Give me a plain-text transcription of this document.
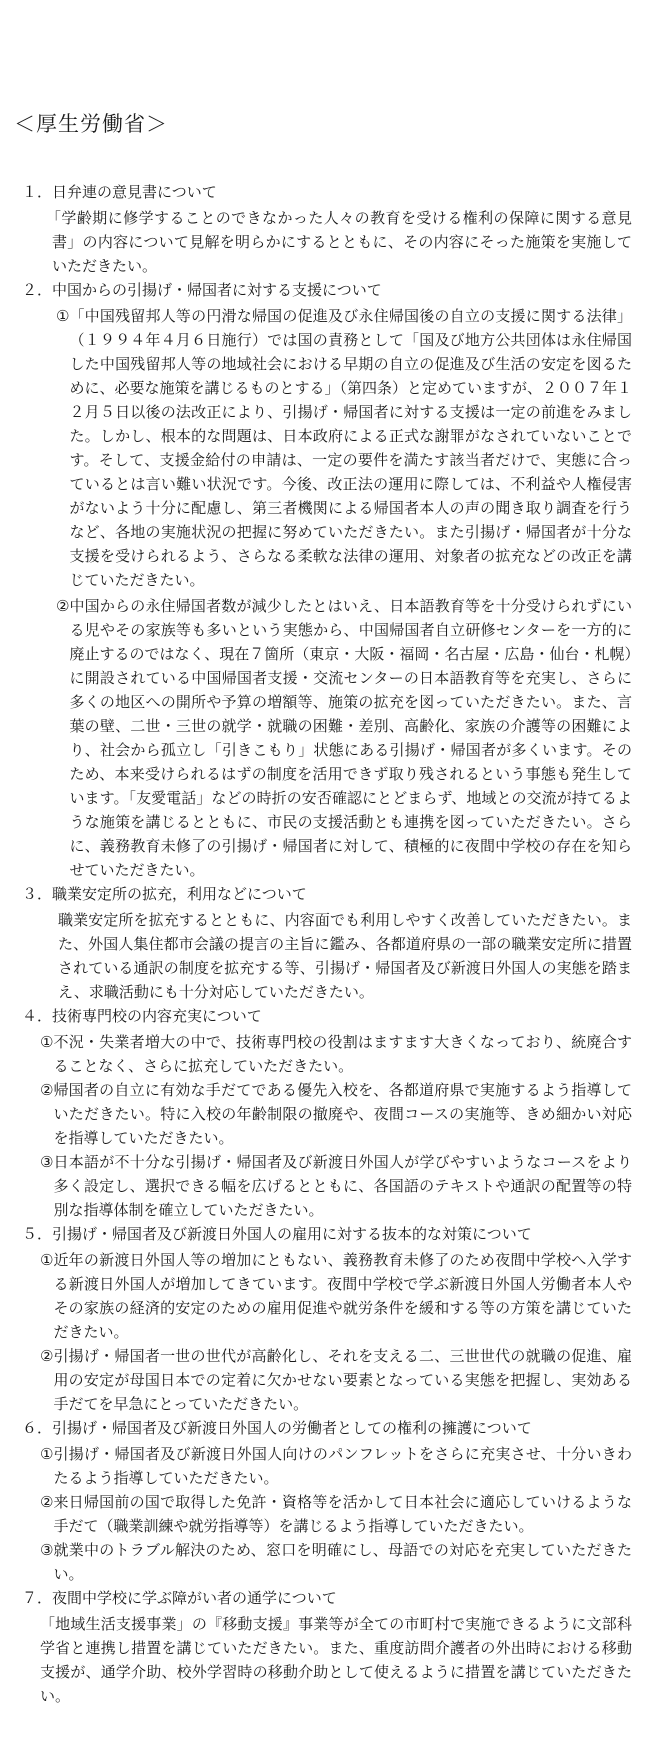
＜厚生労働省＞
１．日弁連の意見書について
「学齢期に修学することのできなかった人々の教育を受ける権利の保障に関する意見書」の内容について見解を明らかにするとともに、その内容にそった施策を実施していただきたい。
２．中国からの引揚げ・帰国者に対する支援について
① 「中国残留邦人等の円滑な帰国の促進及び永住帰国後の自立の支援に関する法律」（１９９４年４月６日施行）では国の責務として「国及び地方公共団体は永住帰国した中国残留邦人等の地域社会における早期の自立の促進及び生活の安定を図るために、必要な施策を講じるものとする」（第四条）と定めていますが、２００７年１２月５日以後の法改正により、引揚げ・帰国者に対する支援は一定の前進をみました。しかし、根本的な問題は、日本政府による正式な謝罪がなされていないことです。そして、支援金給付の申請は、一定の要件を満たす該当者だけで、実態に合っているとは言い難い状況です。今後、改正法の運用に際しては、不利益や人権侵害がないよう十分に配慮し、第三者機関による帰国者本人の声の聞き取り調査を行うなど、各地の実施状況の把握に努めていただきたい。また引揚げ・帰国者が十分な支援を受けられるよう、さらなる柔軟な法律の運用、対象者の拡充などの改正を講じていただきたい。
② 中国からの永住帰国者数が減少したとはいえ、日本語教育等を十分受けられずにいる児やその家族等も多いという実態から、中国帰国者自立研修センターを一方的に廃止するのではなく、現在７箇所（東京・大阪・福岡・名古屋・広島・仙台・札幌）に開設されている中国帰国者支援・交流センターの日本語教育等を充実し、さらに多くの地区への開所や予算の増額等、施策の拡充を図っていただきたい。また、言葉の壁、二世・三世の就学・就職の困難・差別、高齢化、家族の介護等の困難により、社会から孤立し「引きこもり」状態にある引揚げ・帰国者が多くいます。そのため、本来受けられるはずの制度を活用できず取り残されるという事態も発生しています。「友愛電話」などの時折の安否確認にとどまらず、地域との交流が持てるような施策を講じるとともに、市民の支援活動とも連携を図っていただきたい。さらに、義務教育未修了の引揚げ・帰国者に対して、積極的に夜間中学校の存在を知らせていただきたい。
３．職業安定所の拡充，利用などについて
職業安定所を拡充するとともに、内容面でも利用しやすく改善していただきたい。また、外国人集住都市会議の提言の主旨に鑑み、各都道府県の一部の職業安定所に措置されている通訳の制度を拡充する等、引揚げ・帰国者及び新渡日外国人の実態を踏まえ、求職活動にも十分対応していただきたい。
４．技術専門校の内容充実について
① 不況・失業者増大の中で、技術専門校の役割はますます大きくなっており、統廃合することなく、さらに拡充していただきたい。
② 帰国者の自立に有効な手だてである優先入校を、各都道府県で実施するよう指導していただきたい。特に入校の年齢制限の撤廃や、夜間コースの実施等、きめ細かい対応を指導していただきたい。
③ 日本語が不十分な引揚げ・帰国者及び新渡日外国人が学びやすいようなコースをより多く設定し、選択できる幅を広げるとともに、各国語のテキストや通訳の配置等の特別な指導体制を確立していただきたい。
５．引揚げ・帰国者及び新渡日外国人の雇用に対する抜本的な対策について
① 近年の新渡日外国人等の増加にともない、義務教育未修了のため夜間中学校へ入学する新渡日外国人が増加してきています。夜間中学校で学ぶ新渡日外国人労働者本人やその家族の経済的安定のための雇用促進や就労条件を緩和する等の方策を講じていただきたい。
② 引揚げ・帰国者一世の世代が高齢化し、それを支える二、三世世代の就職の促進、雇用の安定が母国日本での定着に欠かせない要素となっている実態を把握し、実効ある手だてを早急にとっていただきたい。
６．引揚げ・帰国者及び新渡日外国人の労働者としての権利の擁護について
① 引揚げ・帰国者及び新渡日外国人向けのパンフレットをさらに充実させ、十分いきわたるよう指導していただきたい。
② 来日帰国前の国で取得した免許・資格等を活かして日本社会に適応していけるような手だて（職業訓練や就労指導等）を講じるよう指導していただきたい。
③ 就業中のトラブル解決のため、窓口を明確にし、母語での対応を充実していただきたい。
７．夜間中学校に学ぶ障がい者の通学について
「地域生活支援事業」の『移動支援』事業等が全ての市町村で実施できるように文部科学省と連携し措置を講じていただきたい。また、重度訪問介護者の外出時における移動支援が、通学介助、校外学習時の移動介助として使えるように措置を講じていただきたい。
